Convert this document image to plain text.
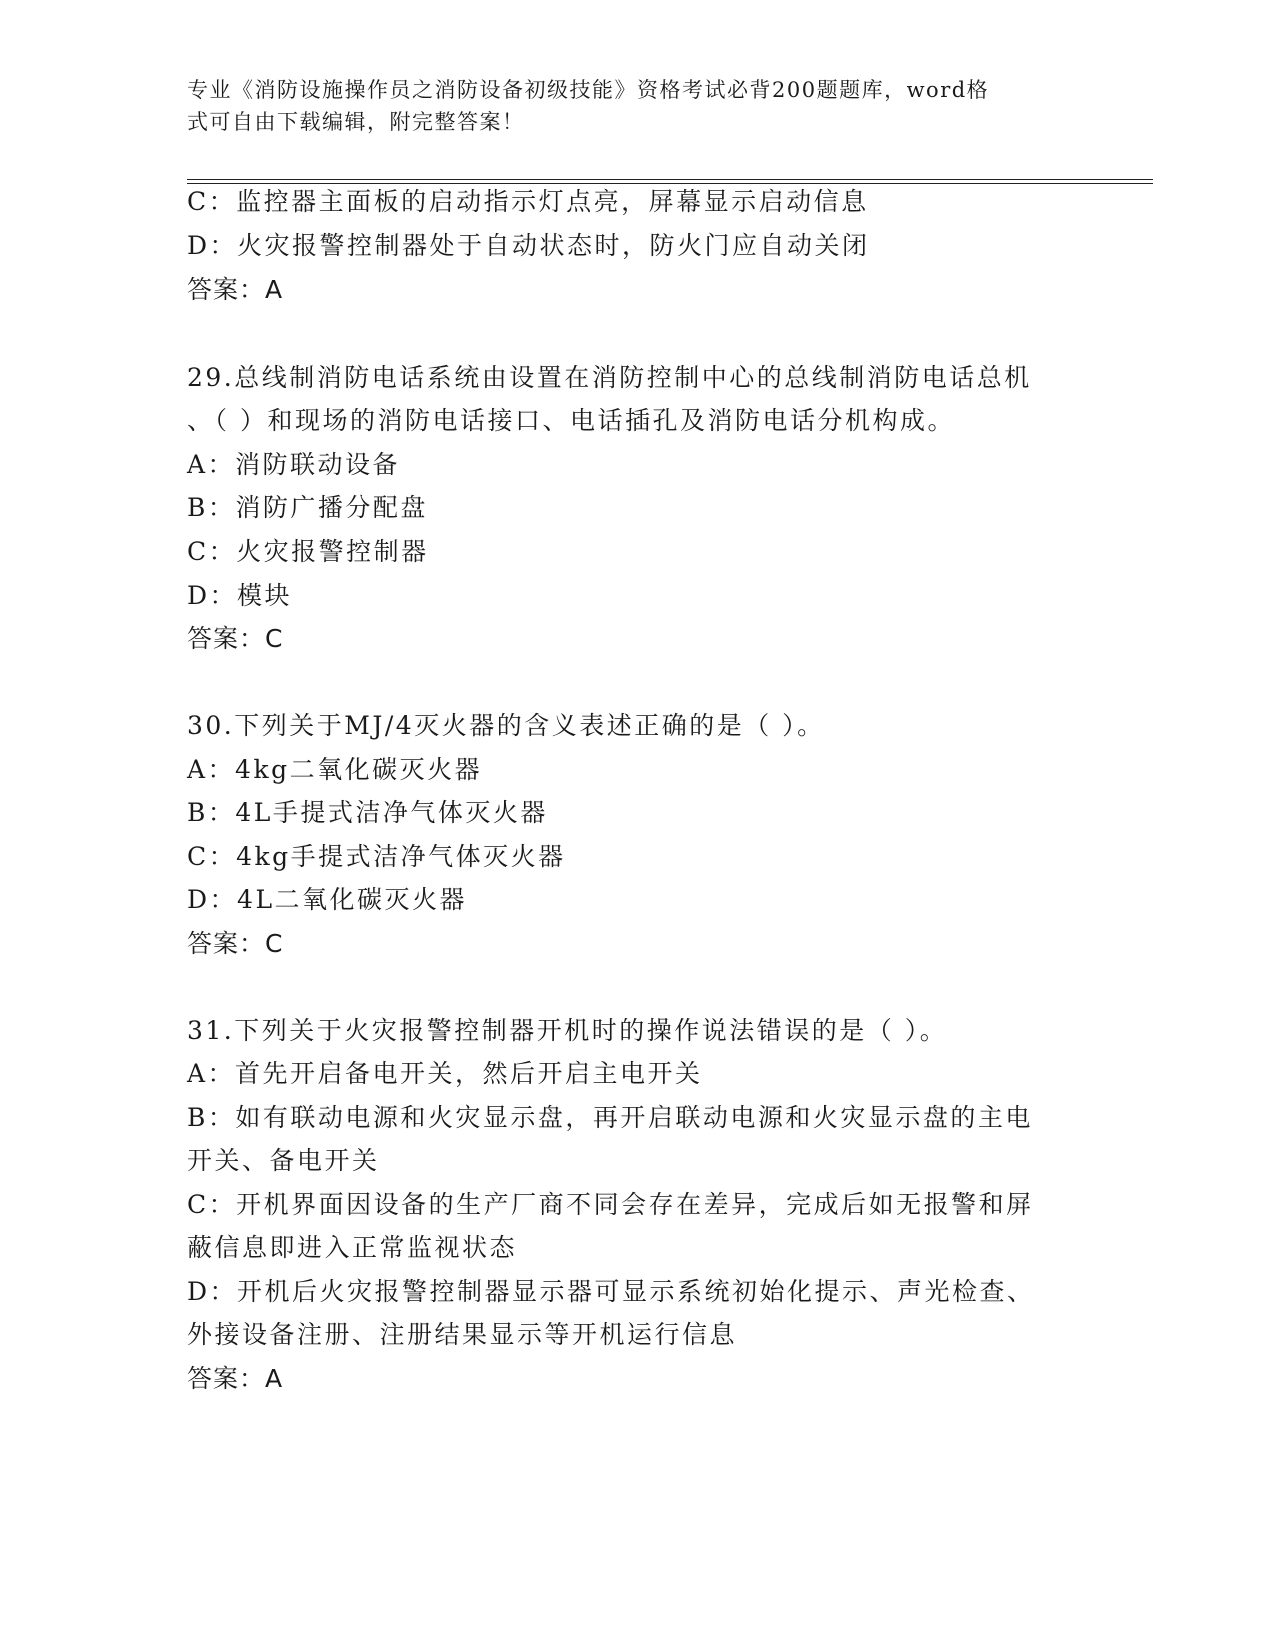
专业《消防设施操作员之消防设备初级技能》资格考试必背200题题库，word格
式可自由下载编辑，附完整答案！
C：监控器主面板的启动指示灯点亮，屏幕显示启动信息
D：火灾报警控制器处于自动状态时，防火门应自动关闭
答案：A
29.总线制消防电话系统由设置在消防控制中心的总线制消防电话总机
、（ ）和现场的消防电话接口、电话插孔及消防电话分机构成。
A：消防联动设备
B：消防广播分配盘
C：火灾报警控制器
D：模块
答案：C
30.下列关于MJ/4灭火器的含义表述正确的是（ ）。
A：4kg二氧化碳灭火器
B：4L手提式洁净气体灭火器
C：4kg手提式洁净气体灭火器
D：4L二氧化碳灭火器
答案：C
31.下列关于火灾报警控制器开机时的操作说法错误的是（ ）。
A：首先开启备电开关，然后开启主电开关
B：如有联动电源和火灾显示盘，再开启联动电源和火灾显示盘的主电
开关、备电开关
C：开机界面因设备的生产厂商不同会存在差异，完成后如无报警和屏
蔽信息即进入正常监视状态
D：开机后火灾报警控制器显示器可显示系统初始化提示、声光检查、
外接设备注册、注册结果显示等开机运行信息
答案：A
